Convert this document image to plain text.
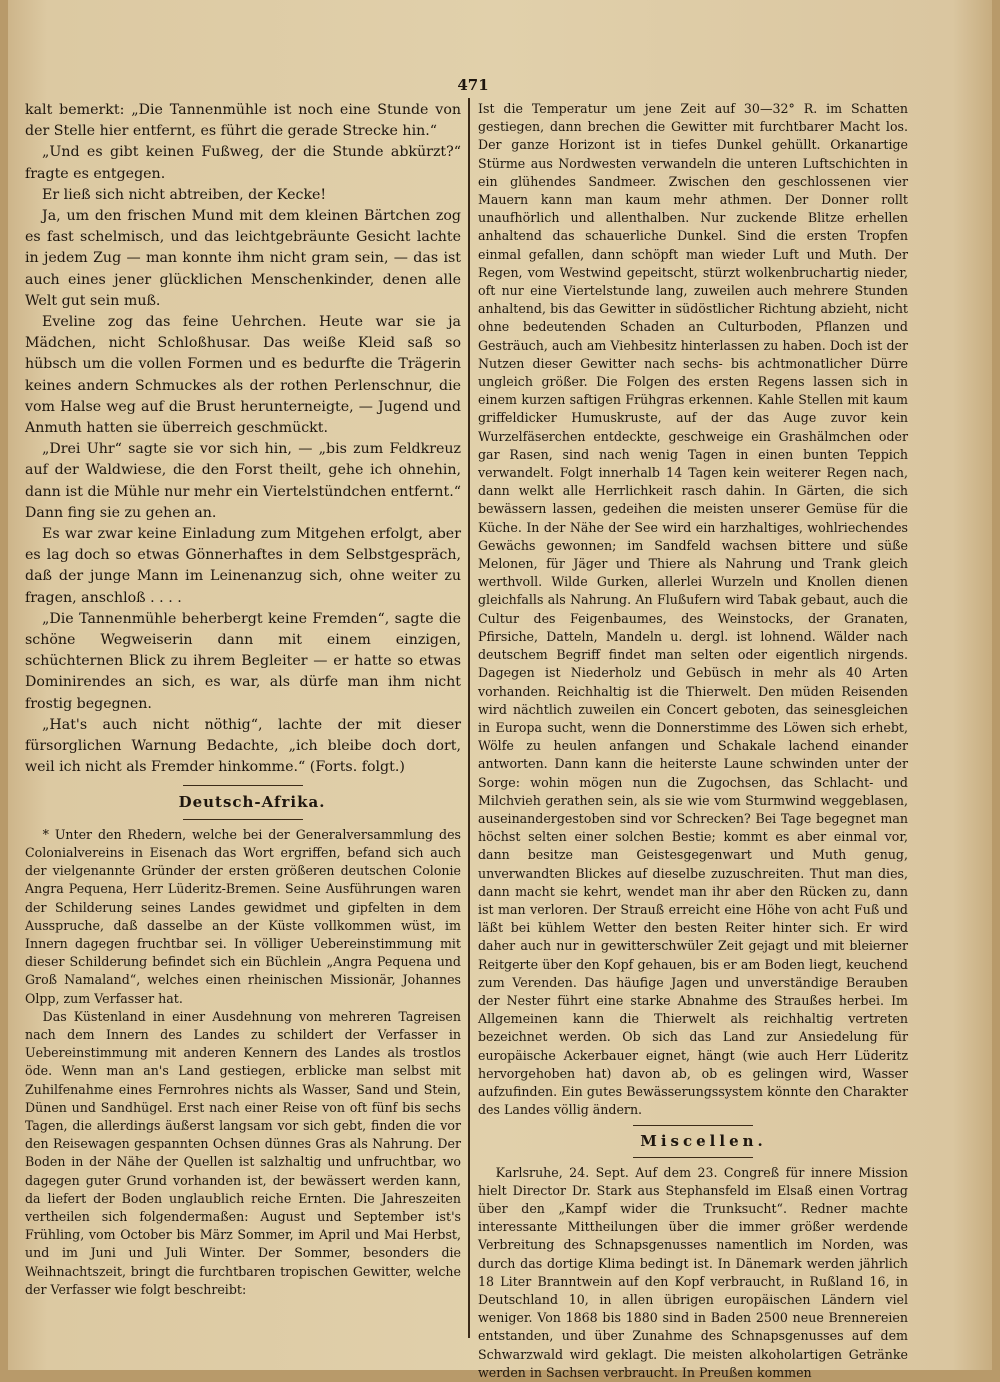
471

kalt bemerkt: „Die Tannenmühle ist noch eine Stunde von der Stelle hier entfernt, es führt die gerade Strecke hin.“

„Und es gibt keinen Fußweg, der die Stunde abkürzt?“ fragte es entgegen.

Er ließ sich nicht abtreiben, der Kecke!

Ja, um den frischen Mund mit dem kleinen Bärtchen zog es fast schelmisch, und das leichtgebräunte Gesicht lachte in jedem Zug — man konnte ihm nicht gram sein, — das ist auch eines jener glücklichen Menschenkinder, denen alle Welt gut sein muß.

Eveline zog das feine Uehrchen. Heute war sie ja Mädchen, nicht Schloßhusar. Das weiße Kleid saß so hübsch um die vollen Formen und es bedurfte die Trägerin keines andern Schmuckes als der rothen Perlenschnur, die vom Halse weg auf die Brust herunterneigte, — Jugend und Anmuth hatten sie überreich geschmückt.

„Drei Uhr“ sagte sie vor sich hin, — „bis zum Feldkreuz auf der Waldwiese, die den Forst theilt, gehe ich ohnehin, dann ist die Mühle nur mehr ein Viertelstündchen entfernt.“ Dann fing sie zu gehen an.

Es war zwar keine Einladung zum Mitgehen erfolgt, aber es lag doch so etwas Gönnerhaftes in dem Selbstgespräch, daß der junge Mann im Leinenanzug sich, ohne weiter zu fragen, anschloß . . . .

„Die Tannenmühle beherbergt keine Fremden“, sagte die schöne Wegweiserin dann mit einem einzigen, schüchternen Blick zu ihrem Begleiter — er hatte so etwas Dominirendes an sich, es war, als dürfe man ihm nicht frostig begegnen.

„Hat's auch nicht nöthig“, lachte der mit dieser fürsorglichen Warnung Bedachte, „ich bleibe doch dort, weil ich nicht als Fremder hinkomme.“ (Forts. folgt.)

Deutsch-Afrika.

* Unter den Rhedern, welche bei der Generalversammlung des Colonialvereins in Eisenach das Wort ergriffen, befand sich auch der vielgenannte Gründer der ersten größeren deutschen Colonie Angra Pequena, Herr Lüderitz-Bremen. Seine Ausführungen waren der Schilderung seines Landes gewidmet und gipfelten in dem Ausspruche, daß dasselbe an der Küste vollkommen wüst, im Innern dagegen fruchtbar sei. In völliger Uebereinstimmung mit dieser Schilderung befindet sich ein Büchlein „Angra Pequena und Groß Namaland“, welches einen rheinischen Missionär, Johannes Olpp, zum Verfasser hat.

Das Küstenland in einer Ausdehnung von mehreren Tagreisen nach dem Innern des Landes zu schildert der Verfasser in Uebereinstimmung mit anderen Kennern des Landes als trostlos öde. Wenn man an's Land gestiegen, erblicke man selbst mit Zuhilfenahme eines Fernrohres nichts als Wasser, Sand und Stein, Dünen und Sandhügel. Erst nach einer Reise von oft fünf bis sechs Tagen, die allerdings äußerst langsam vor sich gebt, finden die vor den Reisewagen gespannten Ochsen dünnes Gras als Nahrung. Der Boden in der Nähe der Quellen ist salzhaltig und unfruchtbar, wo dagegen guter Grund vorhanden ist, der bewässert werden kann, da liefert der Boden unglaublich reiche Ernten. Die Jahreszeiten vertheilen sich folgendermaßen: August und September ist's Frühling, vom October bis März Sommer, im April und Mai Herbst, und im Juni und Juli Winter. Der Sommer, besonders die Weihnachtszeit, bringt die furchtbaren tropischen Gewitter, welche der Verfasser wie folgt beschreibt:

Ist die Temperatur um jene Zeit auf 30—32° R. im Schatten gestiegen, dann brechen die Gewitter mit furchtbarer Macht los. Der ganze Horizont ist in tiefes Dunkel gehüllt. Orkanartige Stürme aus Nordwesten verwandeln die unteren Luftschichten in ein glühendes Sandmeer. Zwischen den geschlossenen vier Mauern kann man kaum mehr athmen. Der Donner rollt unaufhörlich und allenthalben. Nur zuckende Blitze erhellen anhaltend das schauerliche Dunkel. Sind die ersten Tropfen einmal gefallen, dann schöpft man wieder Luft und Muth. Der Regen, vom Westwind gepeitscht, stürzt wolkenbruchartig nieder, oft nur eine Viertelstunde lang, zuweilen auch mehrere Stunden anhaltend, bis das Gewitter in südöstlicher Richtung abzieht, nicht ohne bedeutenden Schaden an Culturboden, Pflanzen und Gesträuch, auch am Viehbesitz hinterlassen zu haben. Doch ist der Nutzen dieser Gewitter nach sechs- bis achtmonatlicher Dürre ungleich größer. Die Folgen des ersten Regens lassen sich in einem kurzen saftigen Frühgras erkennen. Kahle Stellen mit kaum griffeldicker Humuskruste, auf der das Auge zuvor kein Wurzelfäserchen entdeckte, geschweige ein Grashälmchen oder gar Rasen, sind nach wenig Tagen in einen bunten Teppich verwandelt. Folgt innerhalb 14 Tagen kein weiterer Regen nach, dann welkt alle Herrlichkeit rasch dahin. In Gärten, die sich bewässern lassen, gedeihen die meisten unserer Gemüse für die Küche. In der Nähe der See wird ein harzhaltiges, wohlriechendes Gewächs gewonnen; im Sandfeld wachsen bittere und süße Melonen, für Jäger und Thiere als Nahrung und Trank gleich werthvoll. Wilde Gurken, allerlei Wurzeln und Knollen dienen gleichfalls als Nahrung. An Flußufern wird Tabak gebaut, auch die Cultur des Feigenbaumes, des Weinstocks, der Granaten, Pfirsiche, Datteln, Mandeln u. dergl. ist lohnend. Wälder nach deutschem Begriff findet man selten oder eigentlich nirgends. Dagegen ist Niederholz und Gebüsch in mehr als 40 Arten vorhanden. Reichhaltig ist die Thierwelt. Den müden Reisenden wird nächtlich zuweilen ein Concert geboten, das seinesgleichen in Europa sucht, wenn die Donnerstimme des Löwen sich erhebt, Wölfe zu heulen anfangen und Schakale lachend einander antworten. Dann kann die heiterste Laune schwinden unter der Sorge: wohin mögen nun die Zugochsen, das Schlacht- und Milchvieh gerathen sein, als sie wie vom Sturmwind weggeblasen, auseinandergestoben sind vor Schrecken? Bei Tage begegnet man höchst selten einer solchen Bestie; kommt es aber einmal vor, dann besitze man Geistesgegenwart und Muth genug, unverwandten Blickes auf dieselbe zuzuschreiten. Thut man dies, dann macht sie kehrt, wendet man ihr aber den Rücken zu, dann ist man verloren. Der Strauß erreicht eine Höhe von acht Fuß und läßt bei kühlem Wetter den besten Reiter hinter sich. Er wird daher auch nur in gewitterschwüler Zeit gejagt und mit bleierner Reitgerte über den Kopf gehauen, bis er am Boden liegt, keuchend zum Verenden. Das häufige Jagen und unverständige Berauben der Nester führt eine starke Abnahme des Straußes herbei. Im Allgemeinen kann die Thierwelt als reichhaltig vertreten bezeichnet werden. Ob sich das Land zur Ansiedelung für europäische Ackerbauer eignet, hängt (wie auch Herr Lüderitz hervorgehoben hat) davon ab, ob es gelingen wird, Wasser aufzufinden. Ein gutes Bewässerungssystem könnte den Charakter des Landes völlig ändern.

Miscellen.

Karlsruhe, 24. Sept. Auf dem 23. Congreß für innere Mission hielt Director Dr. Stark aus Stephansfeld im Elsaß einen Vortrag über den „Kampf wider die Trunksucht“. Redner machte interessante Mittheilungen über die immer größer werdende Verbreitung des Schnapsgenusses namentlich im Norden, was durch das dortige Klima bedingt ist. In Dänemark werden jährlich 18 Liter Branntwein auf den Kopf verbraucht, in Rußland 16, in Deutschland 10, in allen übrigen europäischen Ländern viel weniger. Von 1868 bis 1880 sind in Baden 2500 neue Brennereien entstanden, und über Zunahme des Schnapsgenusses auf dem Schwarzwald wird geklagt. Die meisten alkoholartigen Getränke werden in Sachsen verbraucht. In Preußen kommen
